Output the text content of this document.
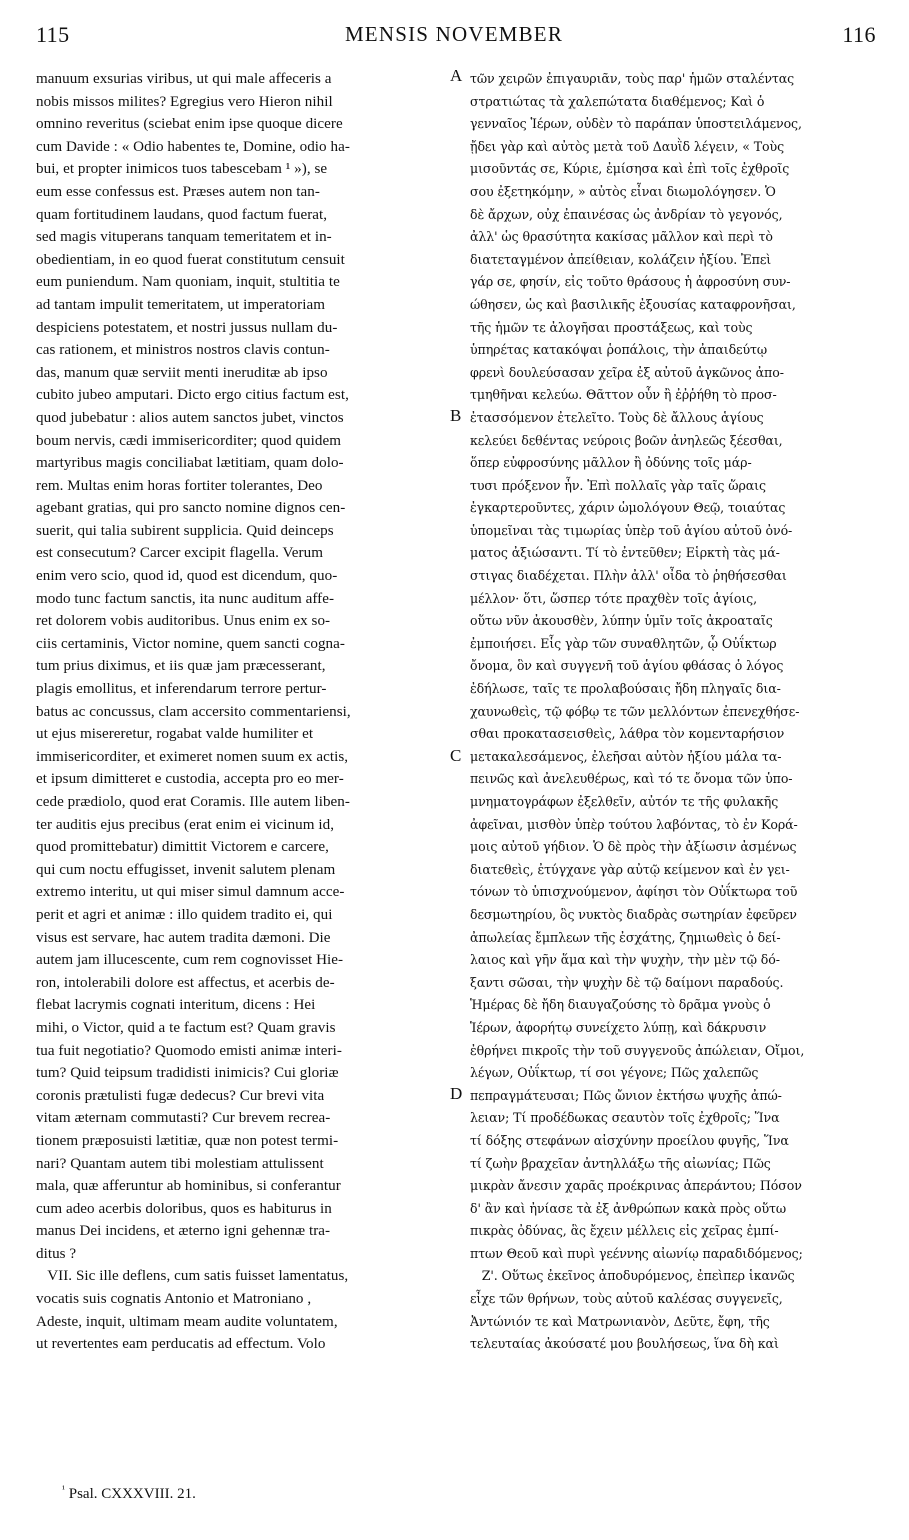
115	MENSIS NOVEMBER	116
manuum exsurias viribus, ut qui male affeceris a
nobis missos milites? Egregius vero Hieron nihil
omnino reveritus (sciebat enim ipse quoque dicere
cum Davide : « Odio habentes te, Domine, odio ha-
bui, et propter inimicos tuos tabescebam ¹ »), se
eum esse confessus est. Præses autem non tan-
quam fortitudinem laudans, quod factum fuerat,
sed magis vituperans tanquam temeritatem et in-
obedientiam, in eo quod fuerat constitutum censuit
eum puniendum. Nam quoniam, inquit, stultitia te
ad tantam impulit temeritatem, ut imperatoriam
despiciens potestatem, et nostri jussus nullam du-
cas rationem, et ministros nostros clavis contun-
das, manum quæ serviit menti ineruditæ ab ipso
cubito jubeo amputari. Dicto ergo citius factum est,
quod jubebatur : alios autem sanctos jubet, vinctos
boum nervis, cædi immisericorditer; quod quidem
martyribus magis conciliabat lætitiam, quam dolo-
rem. Multas enim horas fortiter tolerantes, Deo
agebant gratias, qui pro sancto nomine dignos cen-
suerit, qui talia subirent supplicia. Quid deinceps
est consecutum? Carcer excipit flagella. Verum
enim vero scio, quod id, quod est dicendum, quo-
modo tunc factum sanctis, ita nunc auditum affe-
ret dolorem vobis auditoribus. Unus enim ex so-
ciis certaminis, Victor nomine, quem sancti cogna-
tum prius diximus, et iis quæ jam præcesserant,
plagis emollitus, et inferendarum terrore pertur-
batus ac concussus, clam accersito commentariensi,
ut ejus misereretur, rogabat valde humiliter et
immisericorditer, et eximeret nomen suum ex actis,
et ipsum dimitteret e custodia, accepta pro eo mer-
cede prædiolo, quod erat Coramis. Ille autem liben-
ter auditis ejus precibus (erat enim ei vicinum id,
quod promittebatur) dimittit Victorem e carcere,
qui cum noctu effugisset, invenit salutem plenam
extremo interitu, ut qui miser simul damnum acce-
perit et agri et animæ : illo quidem tradito ei, qui
visus est servare, hac autem tradita dæmoni. Die
autem jam illucescente, cum rem cognovisset Hie-
ron, intolerabili dolore est affectus, et acerbis de-
flebat lacrymis cognati interitum, dicens : Hei
mihi, o Victor, quid a te factum est? Quam gravis
tua fuit negotiatio? Quomodo emisti animæ interi-
tum? Quid teipsum tradidisti inimicis? Cui gloriæ
coronis prætulisti fugæ dedecus? Cur brevi vita
vitam æternam commutasti? Cur brevem recrea-
tionem præposuisti lætitiæ, quæ non potest termi-
nari? Quantam autem tibi molestiam attulissent
mala, quæ afferuntur ab hominibus, si conferantur
cum adeo acerbis doloribus, quos es habiturus in
manus Dei incidens, et æterno igni gehennæ tra-
ditus ?
VII. Sic ille deflens, cum satis fuisset lamentatus,
vocatis suis cognatis Antonio et Matroniano ,
Adeste, inquit, ultimam meam audite voluntatem,
ut revertentes eam perducatis ad effectum. Volo
τῶν χειρῶν ἐπιγαυριᾶν, τοὺς παρ' ἡμῶν σταλέντας
στρατιώτας τὰ χαλεπώτατα διαθέμενος; Καὶ ὁ
γενναῖος Ἱέρων, οὐδὲν τὸ παράπαν ὑποστειλάμενος,
ᾔδει γὰρ καὶ αὐτὸς μετὰ τοῦ Δαυῒδ λέγειν, « Τοὺς
μισοῦντάς σε, Κύριε, ἐμίσησα καὶ ἐπὶ τοῖς ἐχθροῖς
σου ἐξετηκόμην, » αὐτὸς εἶναι διωμολόγησεν. Ὁ
δὲ ἄρχων, οὐχ ἐπαινέσας ὡς ἀνδρίαν τὸ γεγονός,
ἀλλ' ὡς θρασύτητα κακίσας μᾶλλον καὶ περὶ τὸ
διατεταγμένον ἀπείθειαν, κολάζειν ἠξίου. Ἐπεὶ
γάρ σε, φησίν, εἰς τοῦτο θράσους ἡ ἀφροσύνη συν-
ώθησεν, ὡς καὶ βασιλικῆς ἐξουσίας καταφρονῆσαι,
τῆς ἡμῶν τε ἀλογῆσαι προστάξεως, καὶ τοὺς
ὑπηρέτας κατακόψαι ῥοπάλοις, τὴν ἀπαιδεύτῳ
φρενὶ δουλεύσασαν χεῖρα ἐξ αὐτοῦ ἀγκῶνος ἀπο-
τμηθῆναι κελεύω. Θᾶττον οὖν ἢ ἐῤῥήθη τὸ προσ-
ἐτασσόμενον ἐτελεῖτο. Τοὺς δὲ ἄλλους ἁγίους
κελεύει δεθέντας νεύροις βοῶν ἀνηλεῶς ξέεσθαι,
ὅπερ εὐφροσύνης μᾶλλον ἢ ὀδύνης τοῖς μάρ-
τυσι πρόξενον ἦν. Ἐπὶ πολλαῖς γὰρ ταῖς ὥραις
ἐγκαρτεροῦντες, χάριν ὡμολόγουν Θεῷ, τοιαύτας
ὑπομεῖναι τὰς τιμωρίας ὑπὲρ τοῦ ἁγίου αὐτοῦ ὀνό-
ματος ἀξιώσαντι. Τί τὸ ἐντεῦθεν; Εἱρκτὴ τὰς μά-
στιγας διαδέχεται. Πλὴν ἀλλ' οἶδα τὸ ῥηθήσεσθαι
μέλλον· ὅτι, ὥσπερ τότε πραχθὲν τοῖς ἁγίοις,
οὕτω νῦν ἀκουσθὲν, λύπην ὑμῖν τοῖς ἀκροαταῖς
ἐμποιήσει. Εἷς γὰρ τῶν συναθλητῶν, ᾧ Οὐΐκτωρ
ὄνομα, ὃν καὶ συγγενῆ τοῦ ἁγίου φθάσας ὁ λόγος
ἐδήλωσε, ταῖς τε προλαβούσαις ἤδη πληγαῖς δια-
χαυνωθεὶς, τῷ φόβῳ τε τῶν μελλόντων ἐπενεχθήσε-
σθαι προκατασεισθεὶς, λάθρα τὸν κομενταρήσιον
μετακαλεσάμενος, ἐλεῆσαι αὐτὸν ἠξίου μάλα τα-
πεινῶς καὶ ἀνελευθέρως, καὶ τό τε ὄνομα τῶν ὑπο-
μνηματογράφων ἐξελθεῖν, αὐτόν τε τῆς φυλακῆς
ἀφεῖναι, μισθὸν ὑπὲρ τούτου λαβόντας, τὸ ἐν Κορά-
μοις αὐτοῦ γήδιον. Ὁ δὲ πρὸς τὴν ἀξίωσιν ἀσμένως
διατεθεὶς, ἐτύγχανε γὰρ αὐτῷ κείμενον καὶ ἐν γει-
τόνων τὸ ὑπισχνούμενον, ἀφίησι τὸν Οὐΐκτωρα τοῦ
δεσμωτηρίου, ὃς νυκτὸς διαδρὰς σωτηρίαν ἐφεῦρεν
ἀπωλείας ἔμπλεων τῆς ἐσχάτης, ζημιωθεὶς ὁ δεί-
λαιος καὶ γῆν ἅμα καὶ τὴν ψυχὴν, τὴν μὲν τῷ δό-
ξαντι σῶσαι, τὴν ψυχὴν δὲ τῷ δαίμονι παραδούς.
Ἡμέρας δὲ ἤδη διαυγαζούσης τὸ δρᾶμα γνοὺς ὁ
Ἱέρων, ἀφορήτῳ συνείχετο λύπῃ, καὶ δάκρυσιν
ἐθρήνει πικροῖς τὴν τοῦ συγγενοῦς ἀπώλειαν, Οἴμοι,
λέγων, Οὐΐκτωρ, τί σοι γέγονε; Πῶς χαλεπῶς
πεπραγμάτευσαι; Πῶς ὤνιον ἐκτήσω ψυχῆς ἀπώ-
λειαν; Τί προδέδωκας σεαυτὸν τοῖς ἐχθροῖς; Ἵνα
τί δόξης στεφάνων αἰσχύνην προείλου φυγῆς, Ἵνα
τί ζωὴν βραχεῖαν ἀντηλλάξω τῆς αἰωνίας; Πῶς
μικρὰν ἄνεσιν χαρᾶς προέκρινας ἀπεράντου; Πόσον
δ' ἂν καὶ ἠνίασε τὰ ἐξ ἀνθρώπων κακὰ πρὸς οὕτω
πικρὰς ὀδύνας, ἃς ἔχειν μέλλεις εἰς χεῖρας ἐμπί-
πτων Θεοῦ καὶ πυρὶ γεέννης αἰωνίῳ παραδιδόμενος;
Ζ'. Οὕτως ἐκεῖνος ἀποδυρόμενος, ἐπεὶπερ ἱκανῶς
εἶχε τῶν θρήνων, τοὺς αὐτοῦ καλέσας συγγενεῖς,
Ἀντώνιόν τε καὶ Ματρωνιανὸν, Δεῦτε, ἔφη, τῆς
τελευταίας ἀκούσατέ μου βουλήσεως, ἵνα δὴ καὶ
A
B
C
D
$^{^1}$ Psal. CXXXVIII. 21.
